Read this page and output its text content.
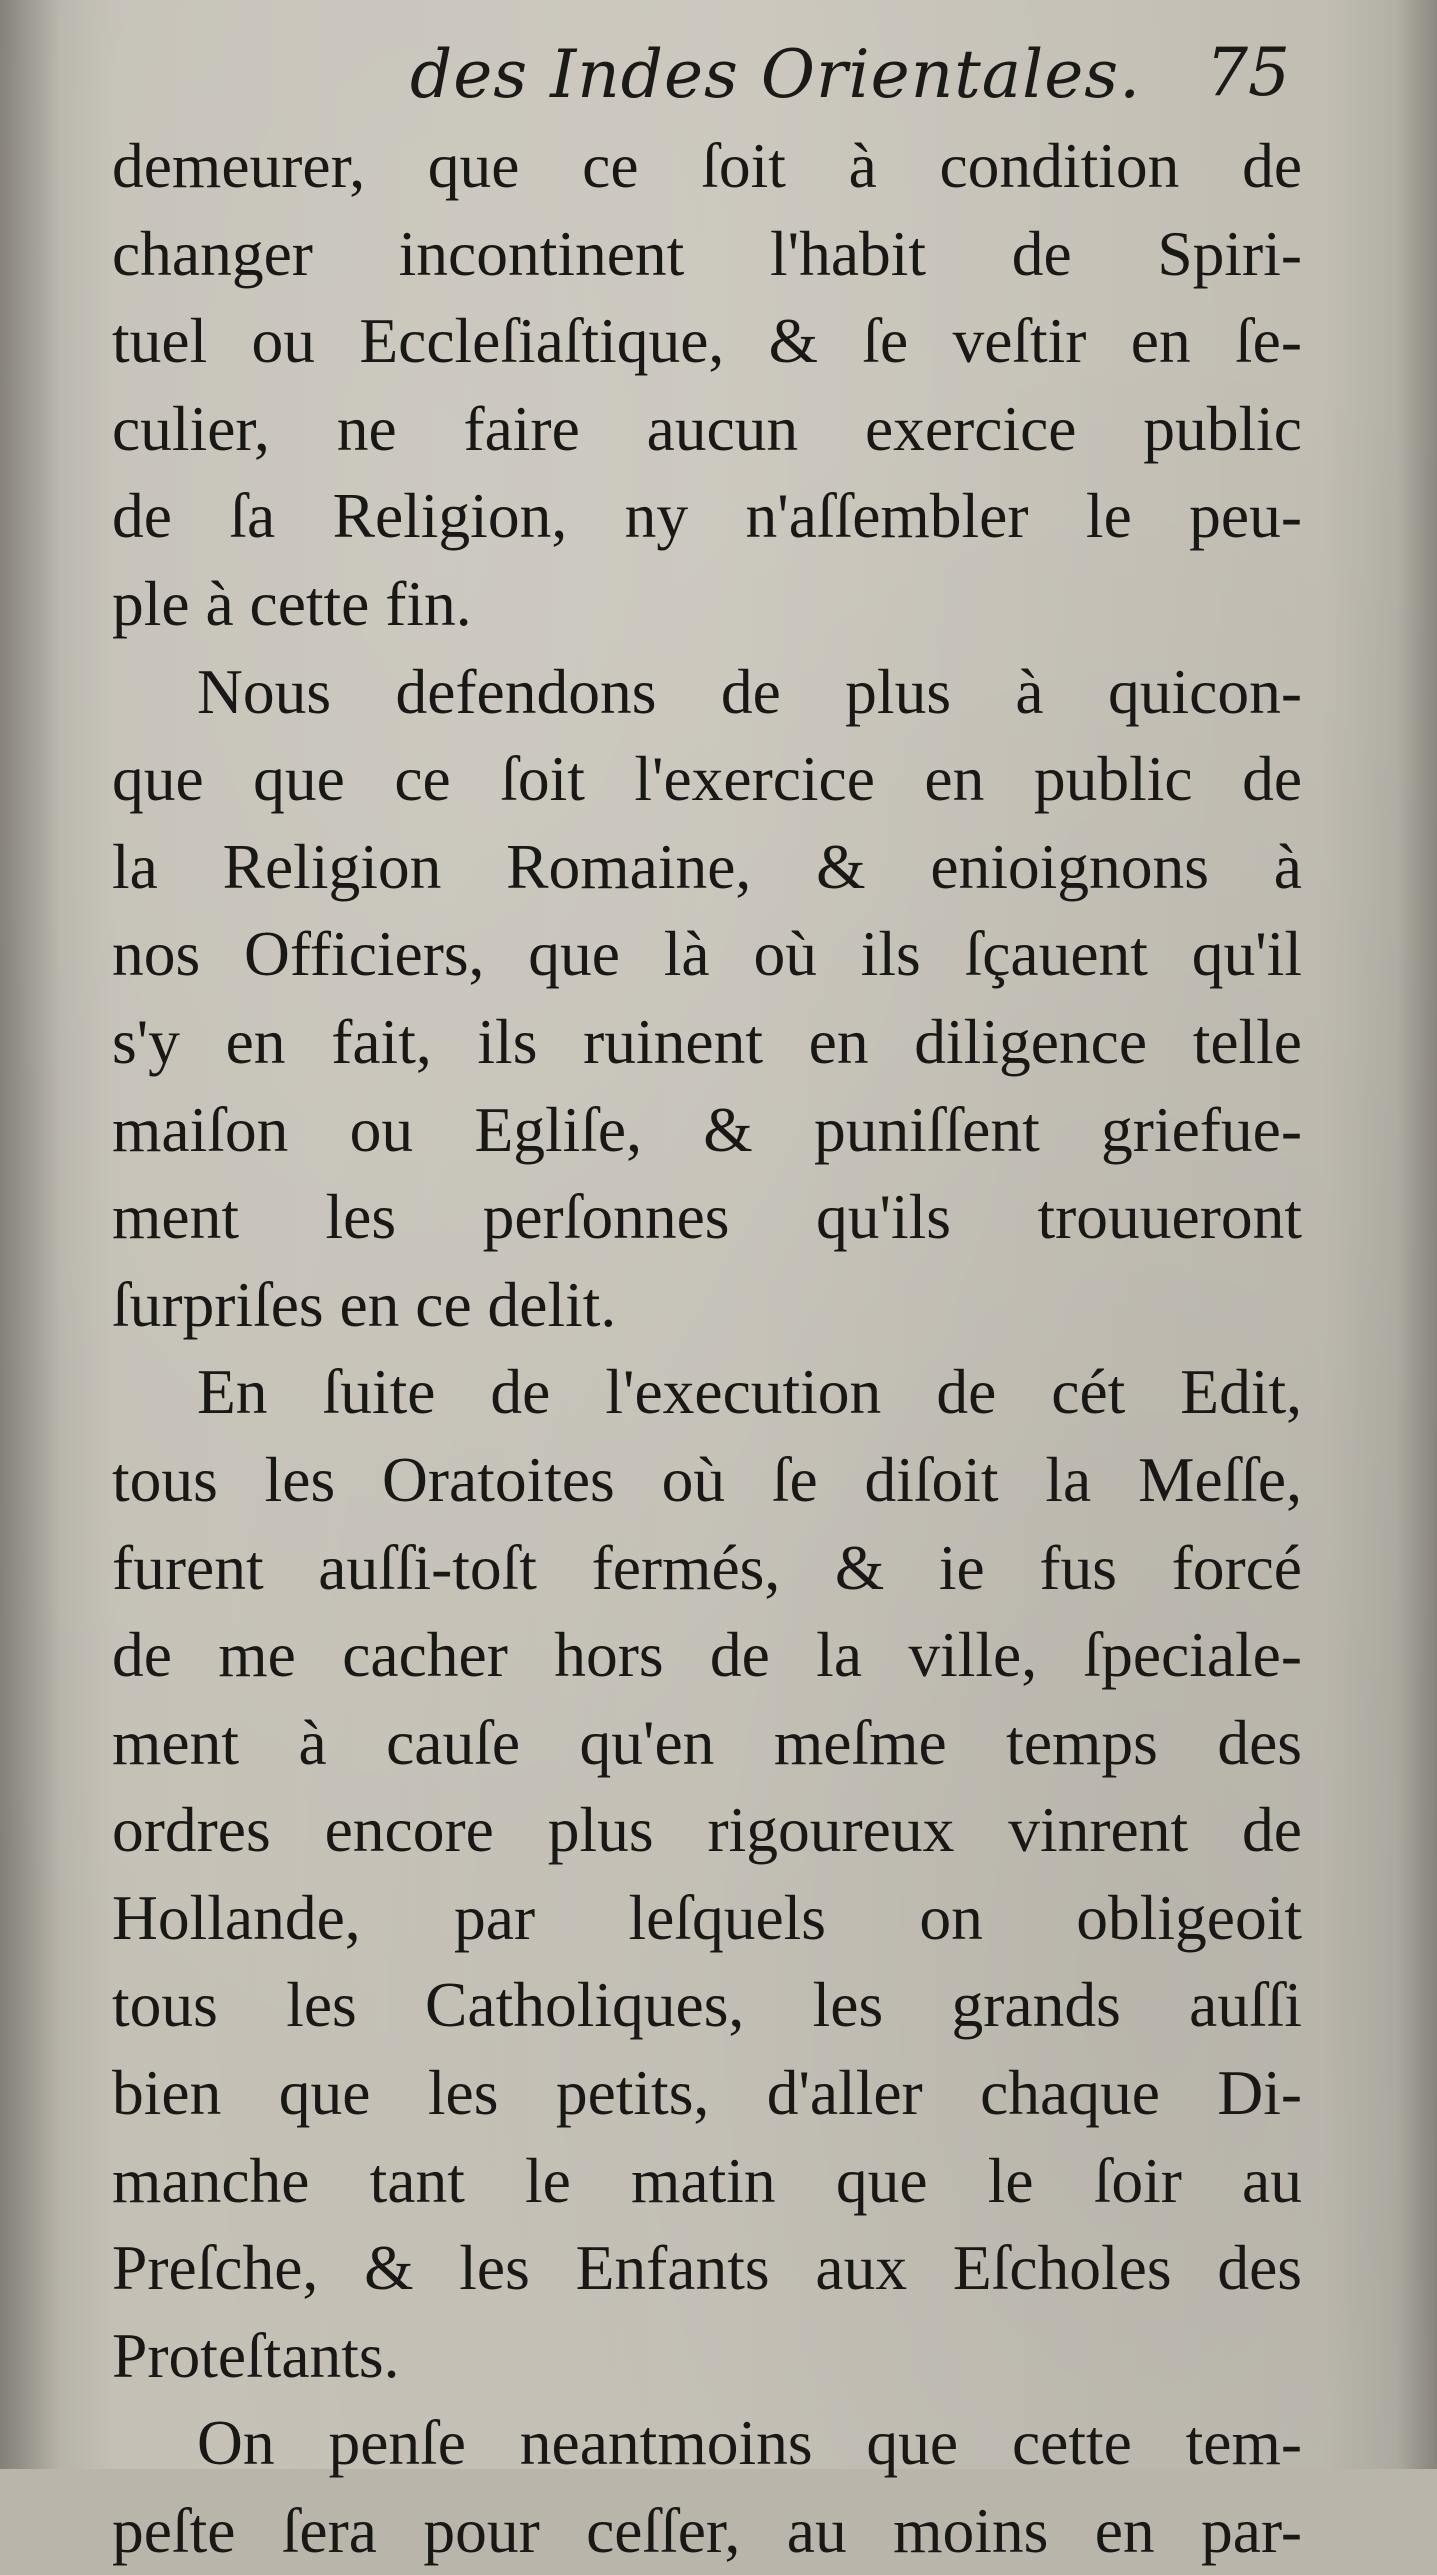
des Indes Orientales. 75
demeurer, que ce ſoit à condition de
changer incontinent l'habit de Spiri-
tuel ou Eccleſiaſtique, & ſe veſtir en ſe-
culier, ne faire aucun exercice public
de ſa Religion, ny n'aſſembler le peu-
ple à cette fin.
Nous defendons de plus à quicon-
que que ce ſoit l'exercice en public de
la Religion Romaine, & enioignons à
nos Officiers, que là où ils ſçauent qu'il
s'y en fait, ils ruinent en diligence telle
maiſon ou Egliſe, & puniſſent griefue-
ment les perſonnes qu'ils trouueront
ſurpriſes en ce delit.
En ſuite de l'execution de cét Edit,
tous les Oratoites où ſe diſoit la Meſſe,
furent auſſi-toſt fermés, & ie fus forcé
de me cacher hors de la ville, ſpeciale-
ment à cauſe qu'en meſme temps des
ordres encore plus rigoureux vinrent de
Hollande, par leſquels on obligeoit
tous les Catholiques, les grands auſſi
bien que les petits, d'aller chaque Di-
manche tant le matin que le ſoir au
Preſche, & les Enfants aux Eſcholes des
Proteſtants.
On penſe neantmoins que cette tem-
peſte ſera pour ceſſer, au moins en par-
